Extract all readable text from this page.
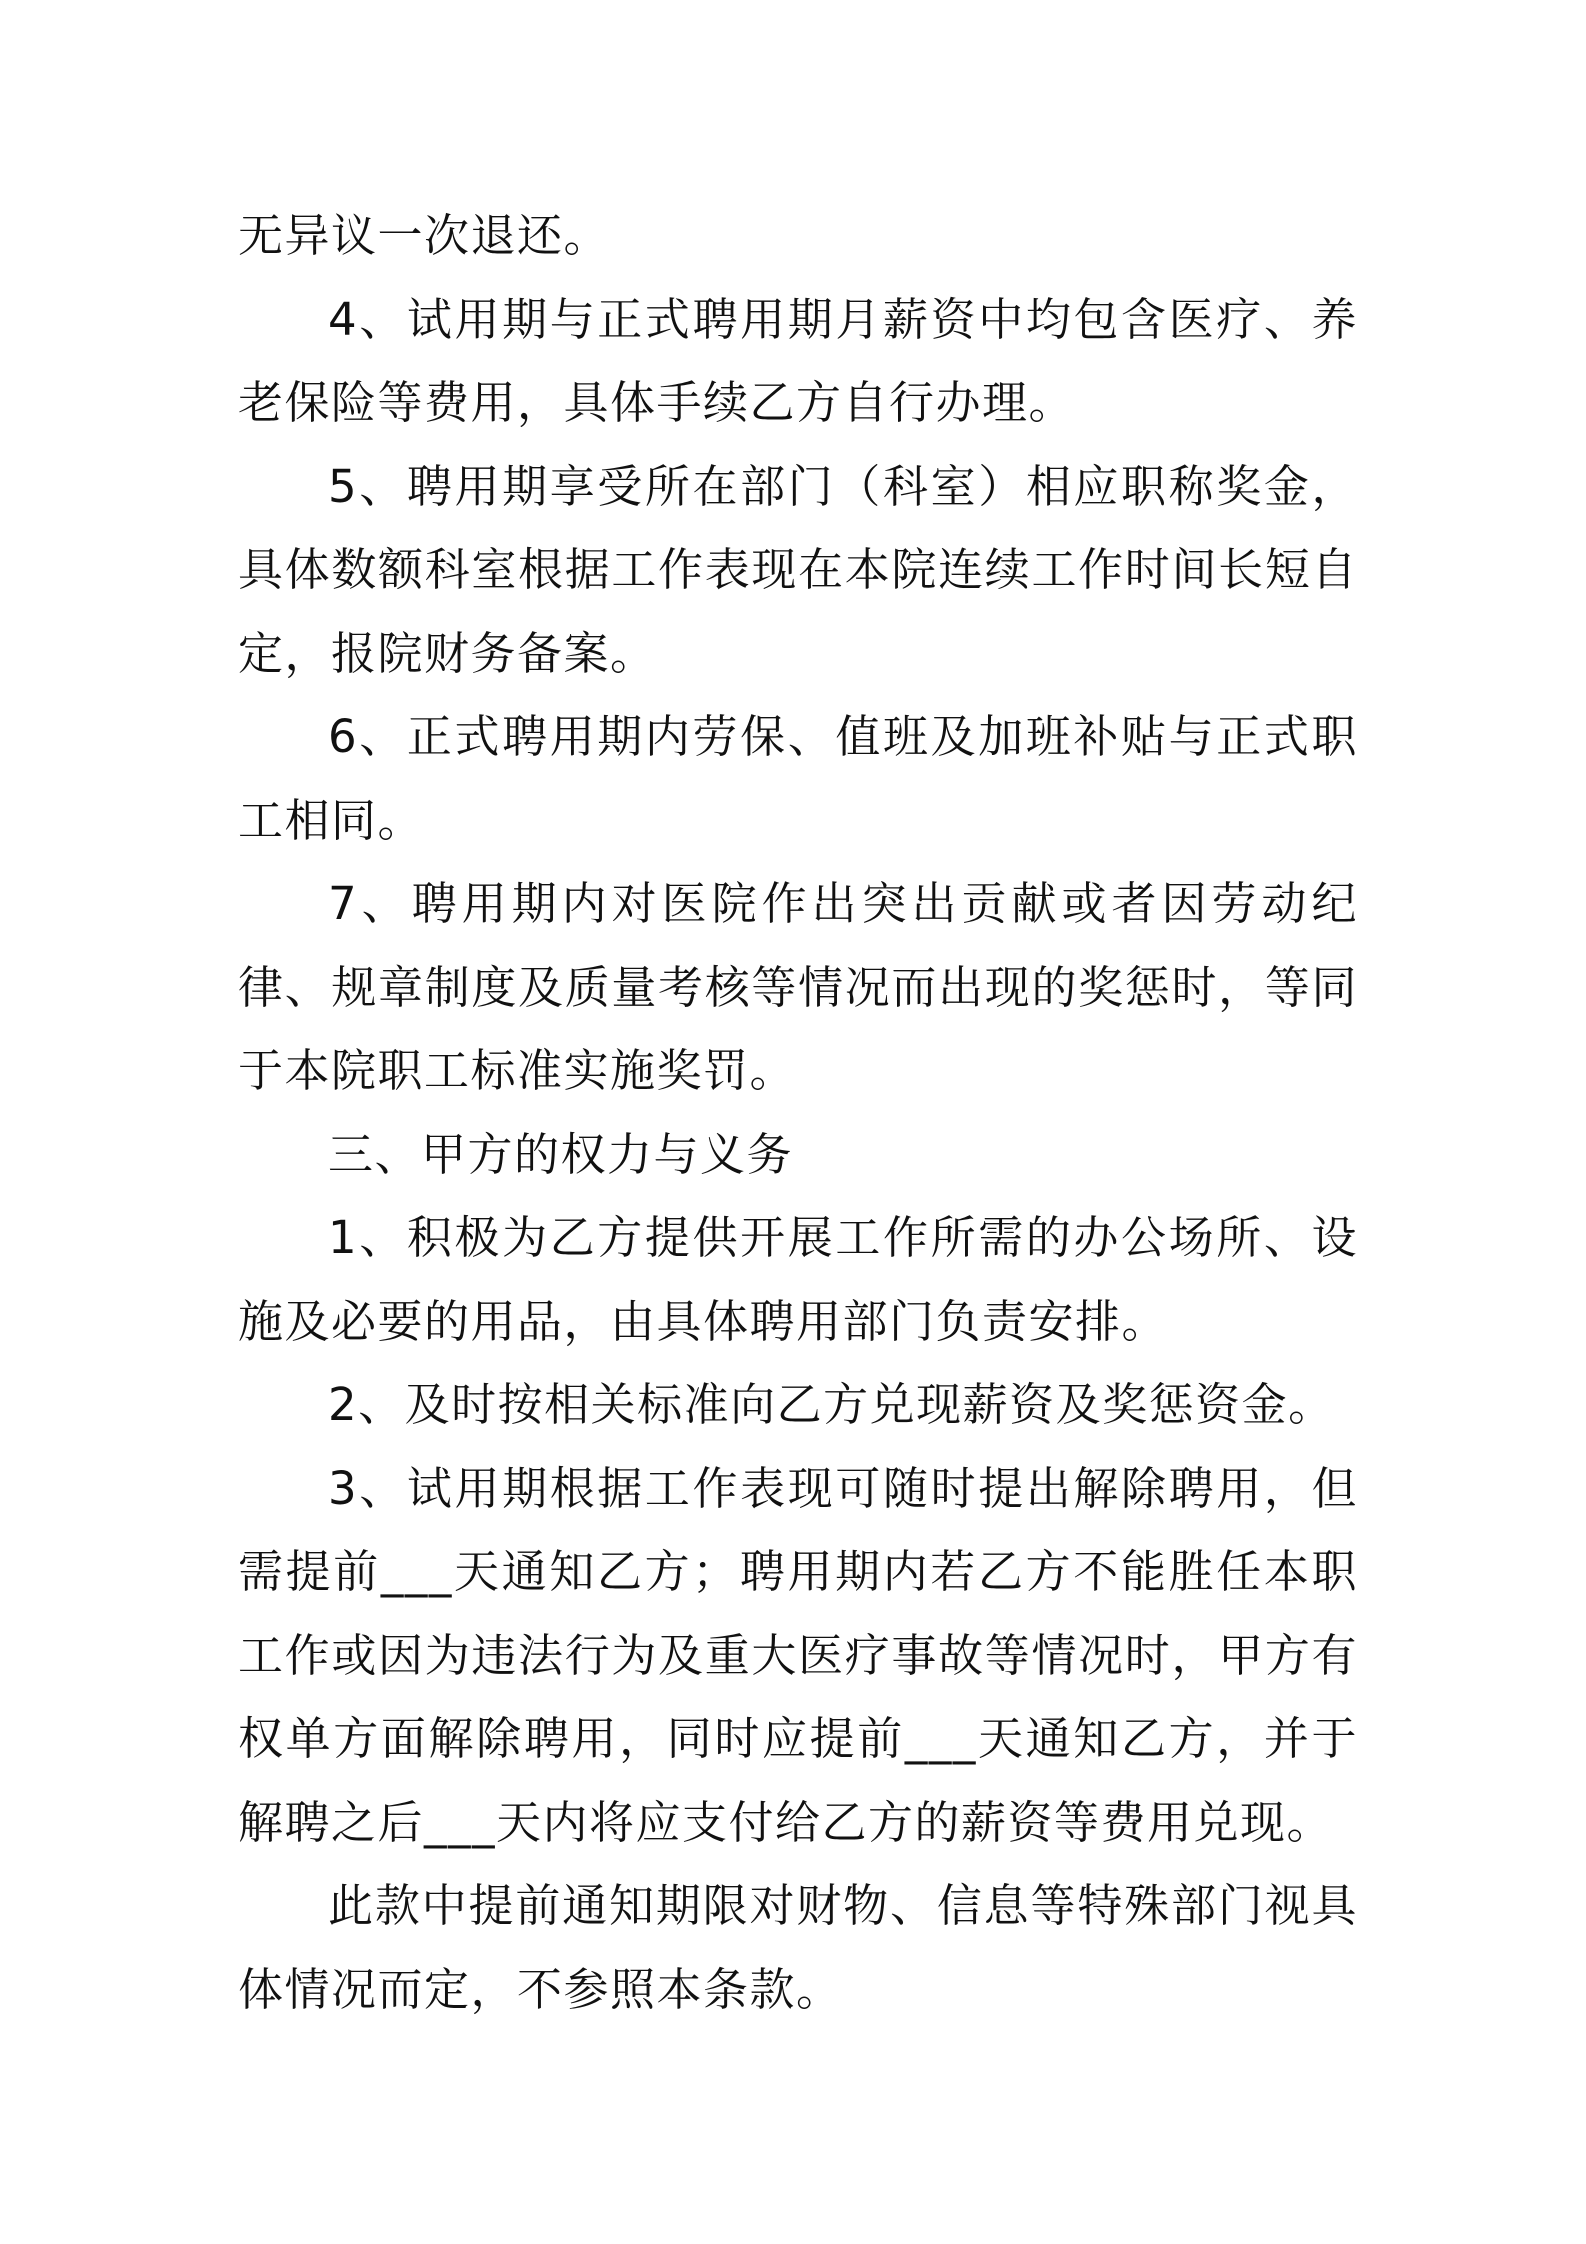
无异议一次退还。

4、试用期与正式聘用期月薪资中均包含医疗、养老保险等费用，具体手续乙方自行办理。

5、聘用期享受所在部门（科室）相应职称奖金，具体数额科室根据工作表现在本院连续工作时间长短自定，报院财务备案。

6、正式聘用期内劳保、值班及加班补贴与正式职工相同。

7、聘用期内对医院作出突出贡献或者因劳动纪律、规章制度及质量考核等情况而出现的奖惩时，等同于本院职工标准实施奖罚。

三、甲方的权力与义务

1、积极为乙方提供开展工作所需的办公场所、设施及必要的用品，由具体聘用部门负责安排。

2、及时按相关标准向乙方兑现薪资及奖惩资金。

3、试用期根据工作表现可随时提出解除聘用，但需提前___天通知乙方；聘用期内若乙方不能胜任本职工作或因为违法行为及重大医疗事故等情况时，甲方有权单方面解除聘用，同时应提前___天通知乙方，并于解聘之后___天内将应支付给乙方的薪资等费用兑现。

此款中提前通知期限对财物、信息等特殊部门视具体情况而定，不参照本条款。
